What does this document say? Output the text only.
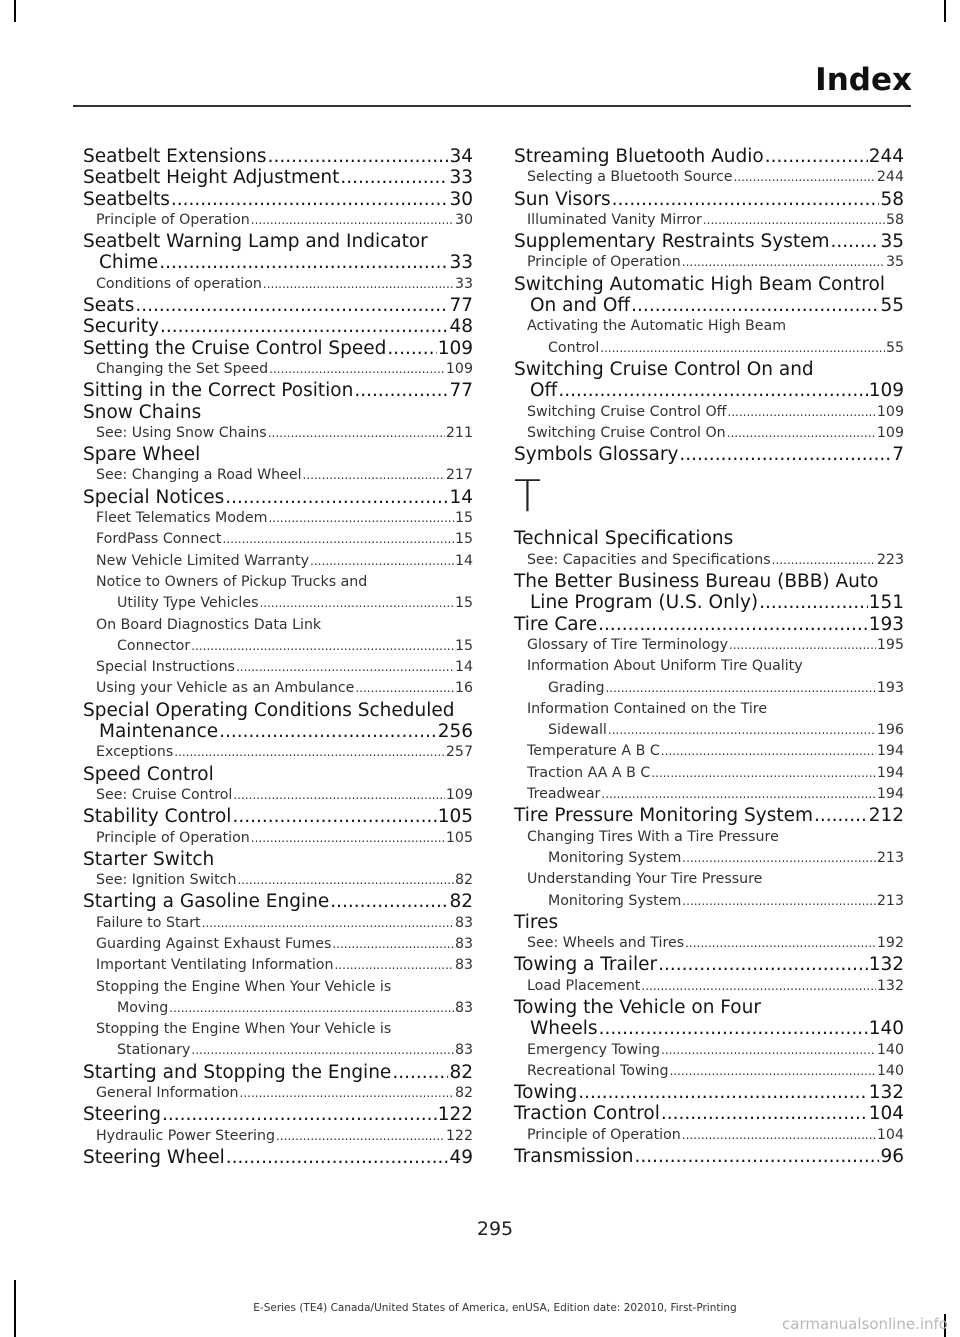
Index
Seatbelt Extensions .....	34
Seatbelt Height Adjustment .....	33
Seatbelts .....	30
Principle of Operation .....	30
Seatbelt Warning Lamp and Indicator
Chime .....	33
Conditions of operation .....	33
Seats .....	77
Security .....	48
Setting the Cruise Control Speed .....	109
Changing the Set Speed .....	109
Sitting in the Correct Position .....	77
Snow Chains
See: Using Snow Chains .....	211
Spare Wheel
See: Changing a Road Wheel .....	217
Special Notices .....	14
Fleet Telematics Modem .....	15
FordPass Connect .....	15
New Vehicle Limited Warranty .....	14
Notice to Owners of Pickup Trucks and
Utility Type Vehicles .....	15
On Board Diagnostics Data Link
Connector .....	15
Special Instructions .....	14
Using your Vehicle as an Ambulance .....	16
Special Operating Conditions Scheduled
Maintenance .....	256
Exceptions .....	257
Speed Control
See: Cruise Control .....	109
Stability Control .....	105
Principle of Operation .....	105
Starter Switch
See: Ignition Switch .....	82
Starting a Gasoline Engine .....	82
Failure to Start .....	83
Guarding Against Exhaust Fumes .....	83
Important Ventilating Information .....	83
Stopping the Engine When Your Vehicle is
Moving .....	83
Stopping the Engine When Your Vehicle is
Stationary .....	83
Starting and Stopping the Engine .....	82
General Information .....	82
Steering .....	122
Hydraulic Power Steering .....	122
Steering Wheel .....	49
Streaming Bluetooth Audio .....	244
Selecting a Bluetooth Source .....	244
Sun Visors .....	58
Illuminated Vanity Mirror .....	58
Supplementary Restraints System .....	35
Principle of Operation .....	35
Switching Automatic High Beam Control
On and Off .....	55
Activating the Automatic High Beam
Control .....	55
Switching Cruise Control On and
Off .....	109
Switching Cruise Control Off .....	109
Switching Cruise Control On .....	109
Symbols Glossary .....	7
T
Technical Specifications
See: Capacities and Specifications .....	223
The Better Business Bureau (BBB) Auto
Line Program (U.S. Only) .....	151
Tire Care .....	193
Glossary of Tire Terminology .....	195
Information About Uniform Tire Quality
Grading .....	193
Information Contained on the Tire
Sidewall .....	196
Temperature A B C .....	194
Traction AA A B C .....	194
Treadwear .....	194
Tire Pressure Monitoring System .....	212
Changing Tires With a Tire Pressure
Monitoring System .....	213
Understanding Your Tire Pressure
Monitoring System .....	213
Tires
See: Wheels and Tires .....	192
Towing a Trailer .....	132
Load Placement .....	132
Towing the Vehicle on Four
Wheels .....	140
Emergency Towing .....	140
Recreational Towing .....	140
Towing .....	132
Traction Control .....	104
Principle of Operation .....	104
Transmission .....	96
295
E-Series (TE4) Canada/United States of America, enUSA, Edition date: 202010, First-Printing
carmanualsonline.info
